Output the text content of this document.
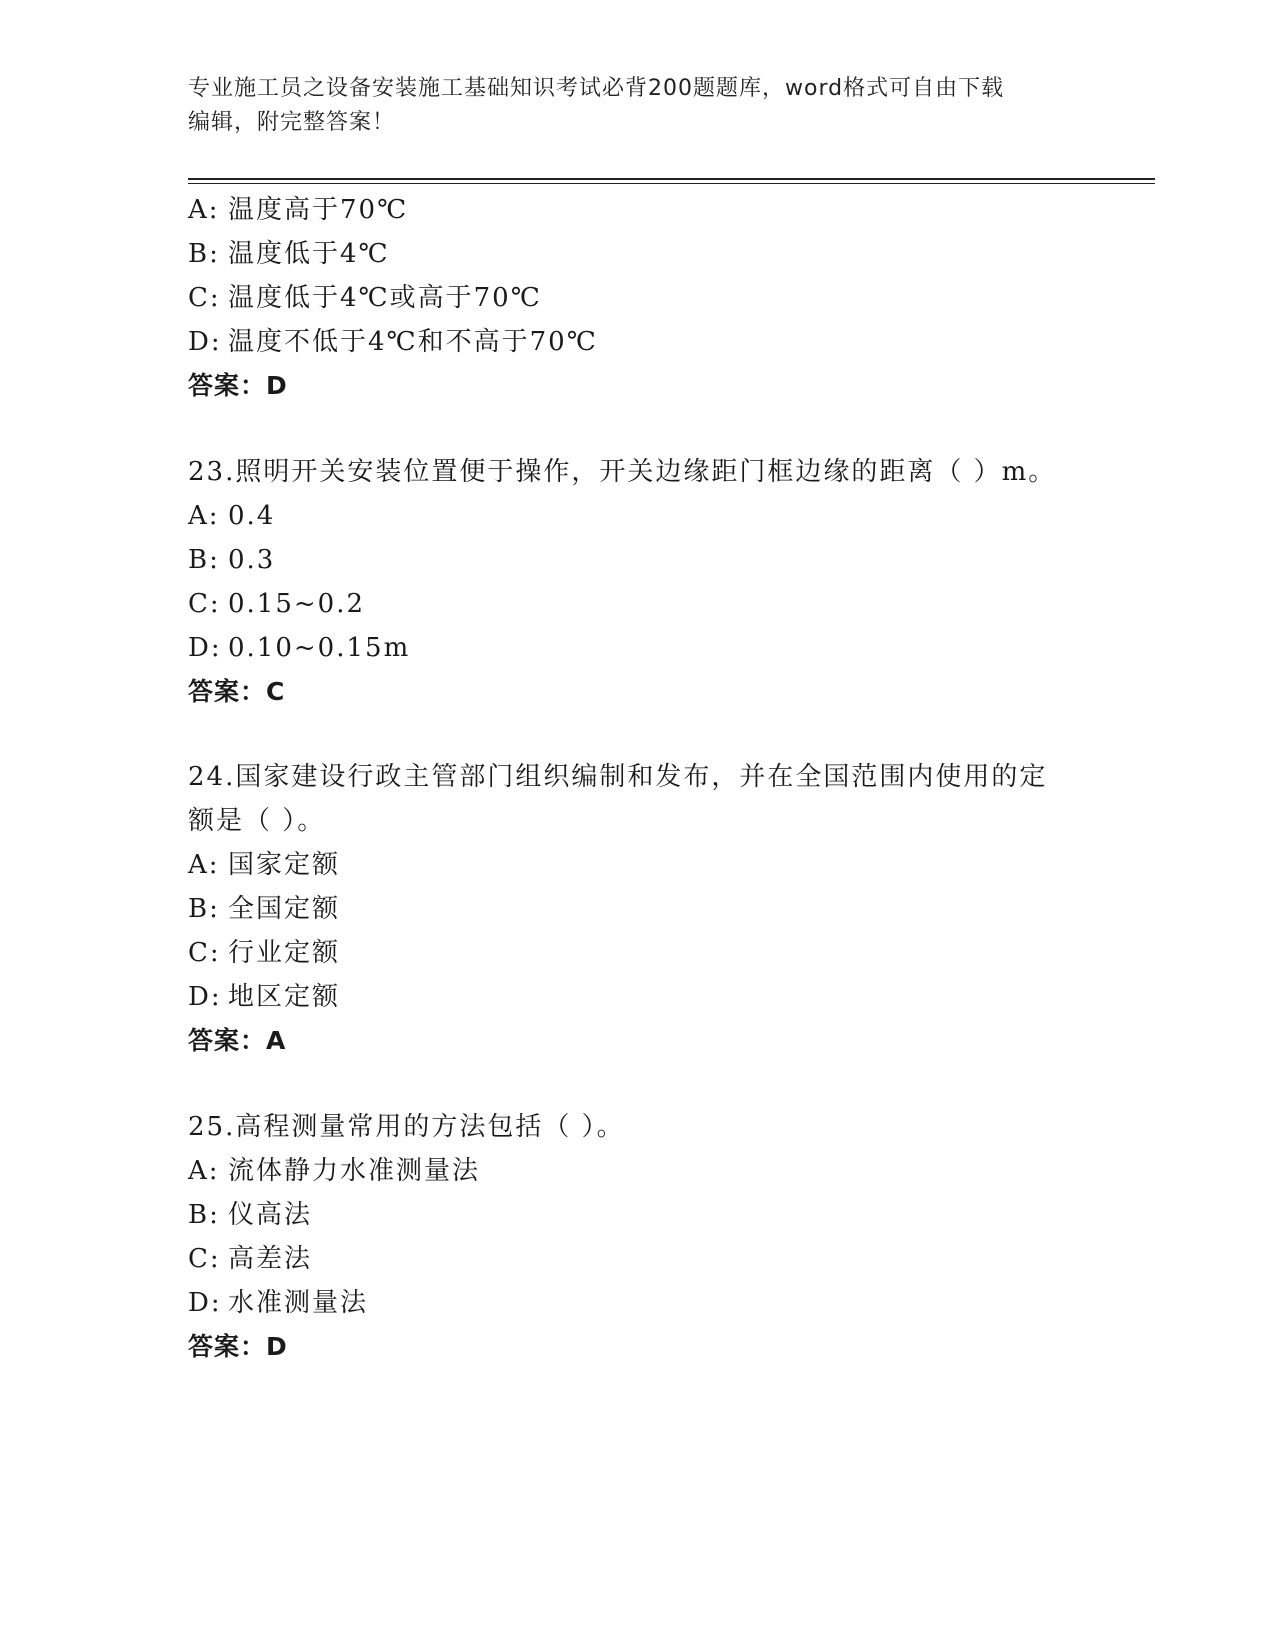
专业施工员之设备安装施工基础知识考试必背200题题库，word格式可自由下载
编辑，附完整答案！
A: 温度高于70℃
B: 温度低于4℃
C: 温度低于4℃或高于70℃
D: 温度不低于4℃和不高于70℃
答案：D
23.照明开关安装位置便于操作，开关边缘距门框边缘的距离（ ）m。
A: 0.4
B: 0.3
C: 0.15~0.2
D: 0.10~0.15m
答案：C
24.国家建设行政主管部门组织编制和发布，并在全国范围内使用的定
额是（ ）。
A: 国家定额
B: 全国定额
C: 行业定额
D: 地区定额
答案：A
25.高程测量常用的方法包括（ ）。
A: 流体静力水准测量法
B: 仪高法
C: 高差法
D: 水准测量法
答案：D
